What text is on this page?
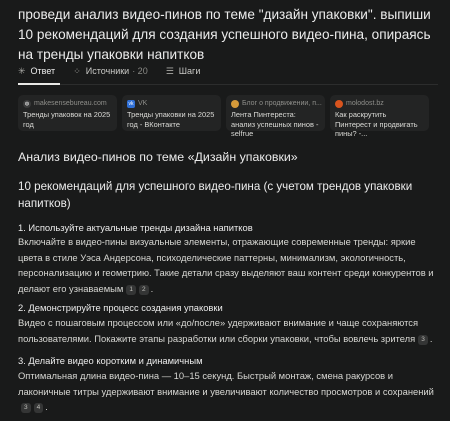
проведи анализ видео-пинов по теме "дизайн упаковки". выпиши 10 рекомендаций для создания успешного видео-пина, опираясь на тренды упаковки напитков
✳ Ответ ⁘ Источники · 20 ☰ Шаги
◍ makesensebureau.com
Тренды упаковок на 2025 год
vk VK
Тренды упаковки на 2025 год - ВКонтакте
Блог о продвижении, п...
Лента Пинтереста: анализ успешных пинов - selfrue
molodost.bz
Как раскрутить Пинтерест и продвигать пины? -...
Анализ видео-пинов по теме «Дизайн упаковки»
10 рекомендаций для успешного видео-пина (с учетом трендов упаковки напитков)
1. Используйте актуальные тренды дизайна напитков
Включайте в видео-пины визуальные элементы, отражающие современные тренды: яркие цвета в стиле Уэса Андерсона, психоделические паттерны, минимализм, экологичность, персонализацию и геометрию. Такие детали сразу выделяют ваш контент среди конкурентов и делают его узнаваемым 1 2 .
2. Демонстрируйте процесс создания упаковки
Видео с пошаговым процессом или «до/после» удерживают внимание и чаще сохраняются пользователями. Покажите этапы разработки или сборки упаковки, чтобы вовлечь зрителя 3 .
3. Делайте видео коротким и динамичным
Оптимальная длина видео-пина — 10–15 секунд. Быстрый монтаж, смена ракурсов и лаконичные титры удерживают внимание и увеличивают количество просмотров и сохранений3 4 .
